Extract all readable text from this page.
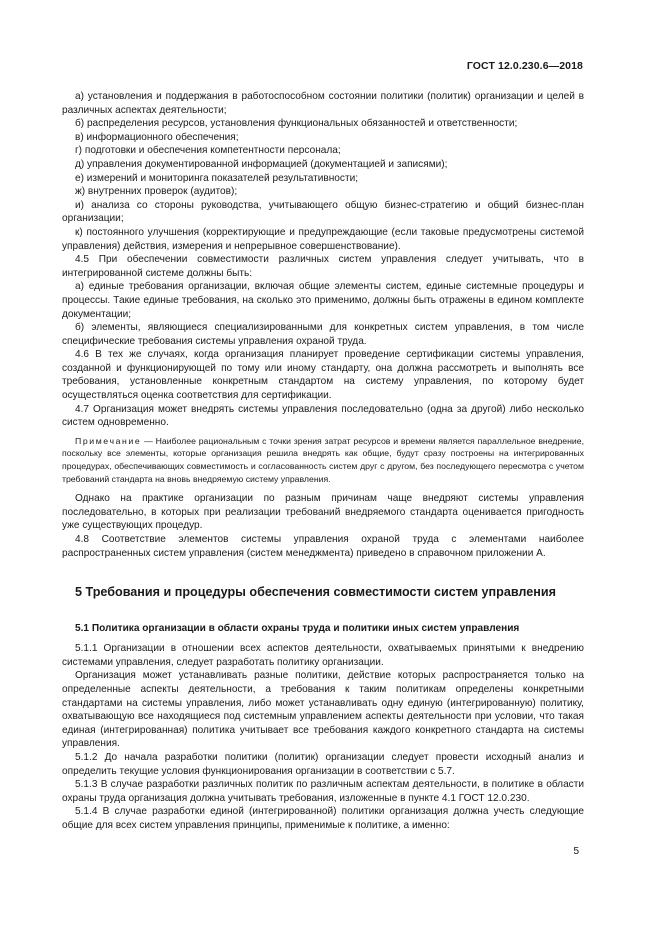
ГОСТ 12.0.230.6—2018

а) установления и поддержания в работоспособном состоянии политики (политик) организации и целей в различных аспектах деятельности;

б) распределения ресурсов, установления функциональных обязанностей и ответственности;

в) информационного обеспечения;

г) подготовки и обеспечения компетентности персонала;

д) управления документированной информацией (документацией и записями);

е) измерений и мониторинга показателей результативности;

ж) внутренних проверок (аудитов);

и) анализа со стороны руководства, учитывающего общую бизнес-стратегию и общий бизнес-план организации;

к) постоянного улучшения (корректирующие и предупреждающие (если таковые предусмотрены системой управления) действия, измерения и непрерывное совершенствование).

4.5 При обеспечении совместимости различных систем управления следует учитывать, что в интегрированной системе должны быть:

а) единые требования организации, включая общие элементы систем, единые системные процедуры и процессы. Такие единые требования, на сколько это применимо, должны быть отражены в едином комплекте документации;

б) элементы, являющиеся специализированными для конкретных систем управления, в том числе специфические требования системы управления охраной труда.

4.6 В тех же случаях, когда организация планирует проведение сертификации системы управления, созданной и функционирующей по тому или иному стандарту, она должна рассмотреть и выполнять все требования, установленные конкретным стандартом на систему управления, по которому будет осуществляться оценка соответствия для сертификации.

4.7 Организация может внедрять системы управления последовательно (одна за другой) либо несколько систем одновременно.

Примечание — Наиболее рациональным с точки зрения затрат ресурсов и времени является параллельное внедрение, поскольку все элементы, которые организация решила внедрять как общие, будут сразу построены на интегрированных процедурах, обеспечивающих совместимость и согласованность систем друг с другом, без последующего пересмотра с учетом требований стандарта на вновь внедряемую систему управления.

Однако на практике организации по разным причинам чаще внедряют системы управления последовательно, в которых при реализации требований внедряемого стандарта оценивается пригодность уже существующих процедур.

4.8 Соответствие элементов системы управления охраной труда с элементами наиболее распространенных систем управления (систем менеджмента) приведено в справочном приложении А.

5 Требования и процедуры обеспечения совместимости систем управления

5.1 Политика организации в области охраны труда и политики иных систем управления

5.1.1 Организации в отношении всех аспектов деятельности, охватываемых принятыми к внедрению системами управления, следует разработать политику организации.

Организация может устанавливать разные политики, действие которых распространяется только на определенные аспекты деятельности, а требования к таким политикам определены конкретными стандартами на системы управления, либо может устанавливать одну единую (интегрированную) политику, охватывающую все находящиеся под системным управлением аспекты деятельности при условии, что такая единая (интегрированная) политика учитывает все требования каждого конкретного стандарта на системы управления.

5.1.2 До начала разработки политики (политик) организации следует провести исходный анализ и определить текущие условия функционирования организации в соответствии с 5.7.

5.1.3 В случае разработки различных политик по различным аспектам деятельности, в политике в области охраны труда организация должна учитывать требования, изложенные в пункте 4.1 ГОСТ 12.0.230.

5.1.4 В случае разработки единой (интегрированной) политики организация должна учесть следующие общие для всех систем управления принципы, применимые к политике, а именно:

5
